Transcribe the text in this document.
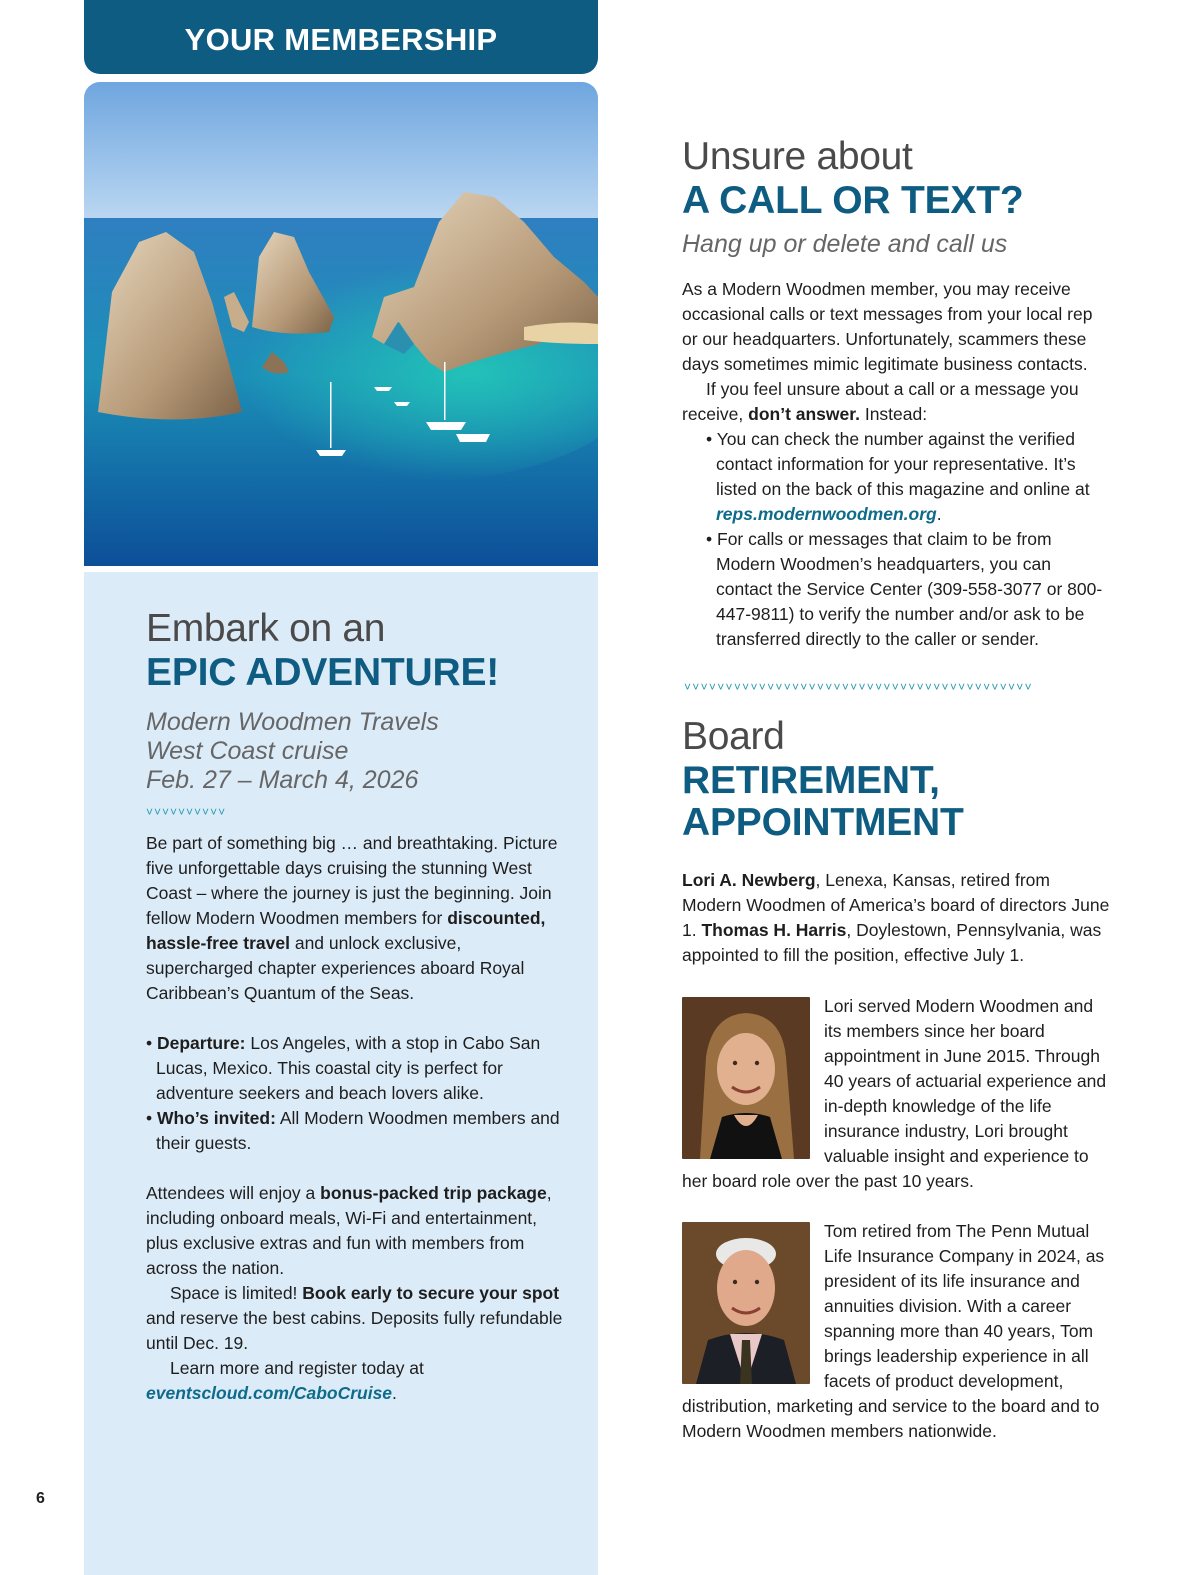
YOUR MEMBERSHIP
Embark on an
EPIC ADVENTURE!
Modern Woodmen Travels
West Coast cruise
Feb. 27 – March 4, 2026
˅˅˅˅˅˅˅˅˅˅

Be part of something big … and breathtaking. Picture five unforgettable days cruising the stunning West Coast – where the journey is just the beginning. Join fellow Modern Woodmen members for discounted, hassle-free travel and unlock exclusive, supercharged chapter experiences aboard Royal Caribbean’s Quantum of the Seas.

• Departure: Los Angeles, with a stop in Cabo San Lucas, Mexico. This coastal city is perfect for adventure seekers and beach lovers alike.

• Who’s invited: All Modern Woodmen members and their guests.

Attendees will enjoy a bonus-packed trip package, including onboard meals, Wi-Fi and entertainment, plus exclusive extras and fun with members from across the nation.

Space is limited! Book early to secure your spot and reserve the best cabins. Deposits fully refundable until Dec. 19.

Learn more and register today at eventscloud.com/CaboCruise.

Unsure about
A CALL OR TEXT?
Hang up or delete and call us

As a Modern Woodmen member, you may receive occasional calls or text messages from your local rep or our headquarters. Unfortunately, scammers these days sometimes mimic legitimate business contacts.

If you feel unsure about a call or a message you receive, don’t answer. Instead:

• You can check the number against the verified contact information for your representative. It’s listed on the back of this magazine and online at reps.modernwoodmen.org.

• For calls or messages that claim to be from Modern Woodmen’s headquarters, you can contact the Service Center (309-558-3077 or 800-447-9811) to verify the number and/or ask to be transferred directly to the caller or sender.

˅˅˅˅˅˅˅˅˅˅˅˅˅˅˅˅˅˅˅˅˅˅˅˅˅˅˅˅˅˅˅˅˅˅˅˅˅˅˅˅˅˅
Board
RETIREMENT,
APPOINTMENT

Lori A. Newberg, Lenexa, Kansas, retired from Modern Woodmen of America’s board of directors June 1. Thomas H. Harris, Doylestown, Pennsylvania, was appointed to fill the position, effective July 1.

Lori served Modern Woodmen and its members since her board appointment in June 2015. Through 40 years of actuarial experience and in-depth knowledge of the life insurance industry, Lori brought valuable insight and experience to her board role over the past 10 years.

Tom retired from The Penn Mutual Life Insurance Company in 2024, as president of its life insurance and annuities division. With a career spanning more than 40 years, Tom brings leadership experience in all facets of product development, distribution, marketing and service to the board and to Modern Woodmen members nationwide.

6
